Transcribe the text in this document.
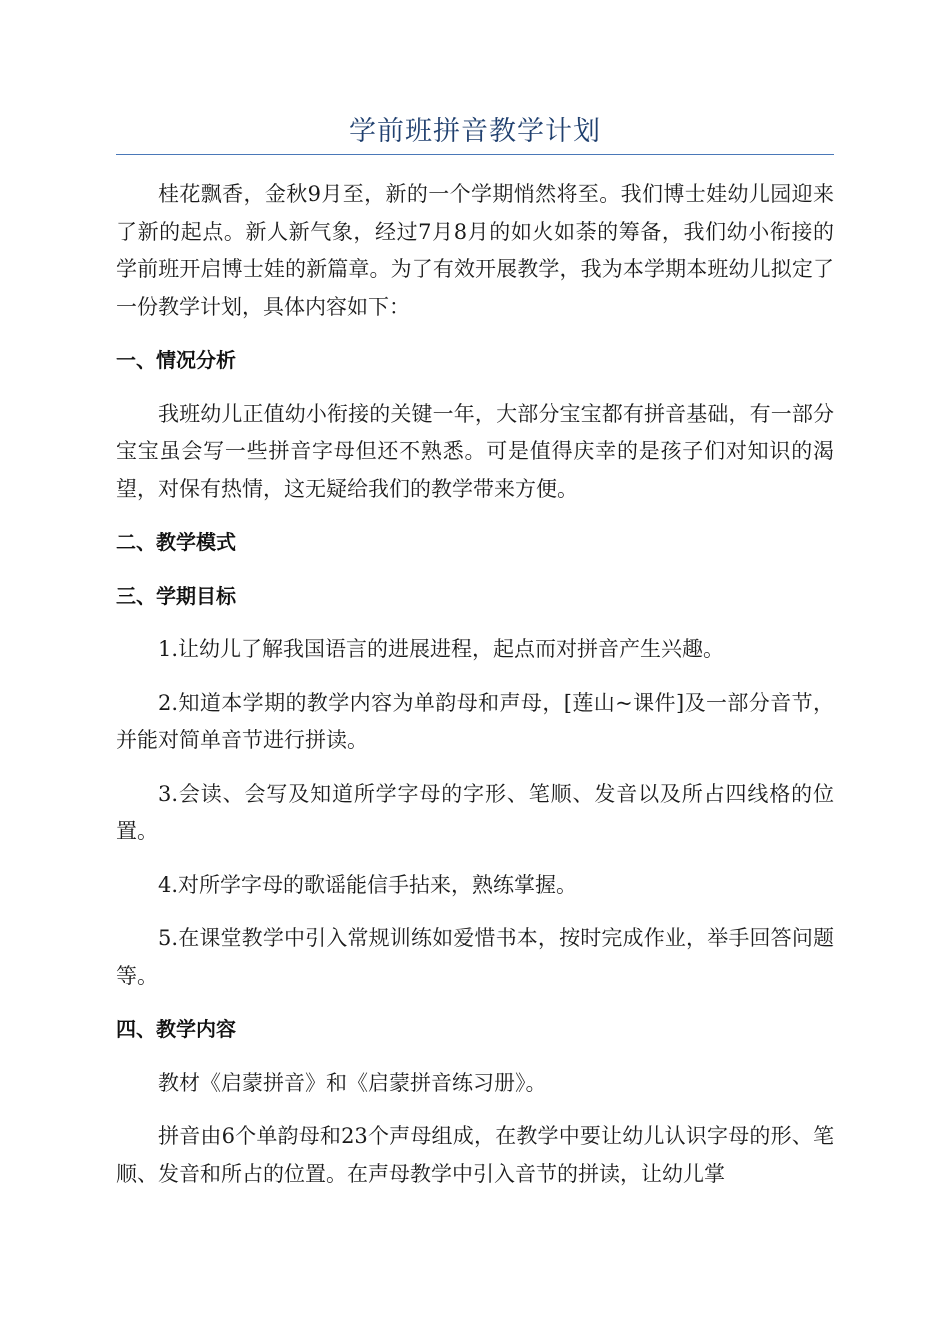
学前班拼音教学计划

桂花飘香，金秋9月至，新的一个学期悄然将至。我们博士娃幼儿园迎来了新的起点。新人新气象，经过7月8月的如火如荼的筹备，我们幼小衔接的学前班开启博士娃的新篇章。为了有效开展教学，我为本学期本班幼儿拟定了一份教学计划，具体内容如下：

一、情况分析

我班幼儿正值幼小衔接的关键一年，大部分宝宝都有拼音基础，有一部分宝宝虽会写一些拼音字母但还不熟悉。可是值得庆幸的是孩子们对知识的渴望，对保有热情，这无疑给我们的教学带来方便。

二、教学模式
三、学期目标

1.让幼儿了解我国语言的进展进程，起点而对拼音产生兴趣。

2.知道本学期的教学内容为单韵母和声母，[莲山~课件]及一部分音节，并能对简单音节进行拼读。

3.会读、会写及知道所学字母的字形、笔顺、发音以及所占四线格的位置。

4.对所学字母的歌谣能信手拈来，熟练掌握。

5.在课堂教学中引入常规训练如爱惜书本，按时完成作业，举手回答问题等。

四、教学内容

教材《启蒙拼音》和《启蒙拼音练习册》。

拼音由6个单韵母和23个声母组成，在教学中要让幼儿认识字母的形、笔顺、发音和所占的位置。在声母教学中引入音节的拼读，让幼儿掌
